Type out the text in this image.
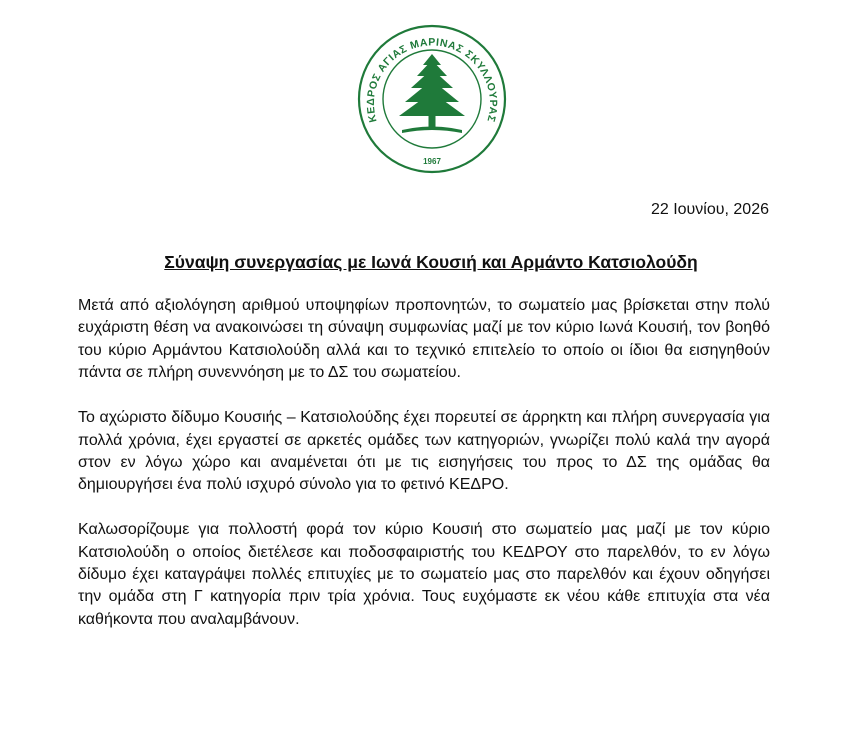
ΚΕΔΡΟΣ ΑΓΙΑΣ ΜΑΡΙΝΑΣ ΣΚΥΛΛΟΥΡΑΣ
1967
22 Ιουνίου, 2026
Σύναψη συνεργασίας με Ιωνά Κουσιή και Αρμάντο Κατσιολούδη

Μετά από αξιολόγηση αριθμού υποψηφίων προπονητών, το σωματείο μας βρίσκεται στην πολύ ευχάριστη θέση να ανακοινώσει τη σύναψη συμφωνίας μαζί με τον κύριο Ιωνά Κουσιή, τον βοηθό του κύριο Αρμάντου Κατσιολούδη αλλά και το τεχνικό επιτελείο το οποίο οι ίδιοι θα εισηγηθούν πάντα σε πλήρη συνεννόηση με το ΔΣ του σωματείου.

Το αχώριστο δίδυμο Κουσιής – Κατσιολούδης έχει πορευτεί σε άρρηκτη και πλήρη συνεργασία για πολλά χρόνια, έχει εργαστεί σε αρκετές ομάδες των κατηγοριών, γνωρίζει πολύ καλά την αγορά στον εν λόγω χώρο και αναμένεται ότι με τις εισηγήσεις του προς το ΔΣ της ομάδας θα δημιουργήσει ένα πολύ ισχυρό σύνολο για το φετινό ΚΕΔΡΟ.

Καλωσορίζουμε για πολλοστή φορά τον κύριο Κουσιή στο σωματείο μας μαζί με τον κύριο Κατσιολούδη ο οποίος διετέλεσε και ποδοσφαιριστής του ΚΕΔΡΟΥ στο παρελθόν, το εν λόγω δίδυμο έχει καταγράψει πολλές επιτυχίες με το σωματείο μας στο παρελθόν και έχουν οδηγήσει την ομάδα στη Γ κατηγορία πριν τρία χρόνια. Τους ευχόμαστε εκ νέου κάθε επιτυχία στα νέα καθήκοντα που αναλαμβάνουν.
